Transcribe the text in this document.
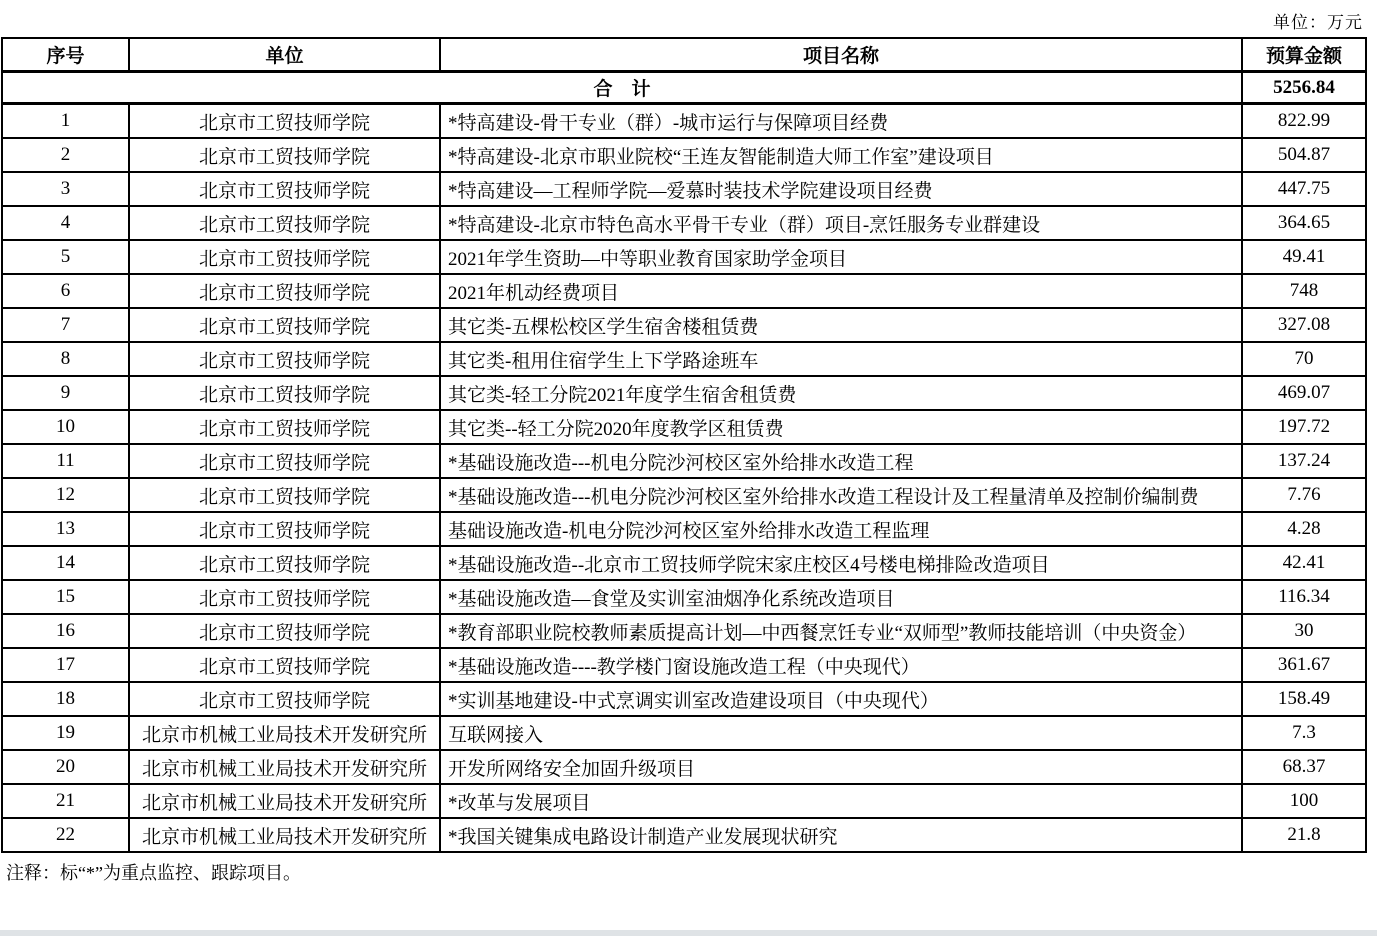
单位：万元
序号	单位	项目名称	预算金额
合　计			5256.84
1	北京市工贸技师学院	*特高建设-骨干专业（群）-城市运行与保障项目经费	822.99
2	北京市工贸技师学院	*特高建设-北京市职业院校“王连友智能制造大师工作室”建设项目	504.87
3	北京市工贸技师学院	*特高建设—工程师学院—爱慕时装技术学院建设项目经费	447.75
4	北京市工贸技师学院	*特高建设-北京市特色高水平骨干专业（群）项目-烹饪服务专业群建设	364.65
5	北京市工贸技师学院	2021年学生资助—中等职业教育国家助学金项目	49.41
6	北京市工贸技师学院	2021年机动经费项目	748
7	北京市工贸技师学院	其它类-五棵松校区学生宿舍楼租赁费	327.08
8	北京市工贸技师学院	其它类-租用住宿学生上下学路途班车	70
9	北京市工贸技师学院	其它类-轻工分院2021年度学生宿舍租赁费	469.07
10	北京市工贸技师学院	其它类--轻工分院2020年度教学区租赁费	197.72
11	北京市工贸技师学院	*基础设施改造---机电分院沙河校区室外给排水改造工程	137.24
12	北京市工贸技师学院	*基础设施改造---机电分院沙河校区室外给排水改造工程设计及工程量清单及控制价编制费	7.76
13	北京市工贸技师学院	基础设施改造-机电分院沙河校区室外给排水改造工程监理	4.28
14	北京市工贸技师学院	*基础设施改造--北京市工贸技师学院宋家庄校区4号楼电梯排险改造项目	42.41
15	北京市工贸技师学院	*基础设施改造—食堂及实训室油烟净化系统改造项目	116.34
16	北京市工贸技师学院	*教育部职业院校教师素质提高计划—中西餐烹饪专业“双师型”教师技能培训（中央资金）	30
17	北京市工贸技师学院	*基础设施改造----教学楼门窗设施改造工程（中央现代）	361.67
18	北京市工贸技师学院	*实训基地建设-中式烹调实训室改造建设项目（中央现代）	158.49
19	北京市机械工业局技术开发研究所	互联网接入	7.3
20	北京市机械工业局技术开发研究所	开发所网络安全加固升级项目	68.37
21	北京市机械工业局技术开发研究所	*改革与发展项目	100
22	北京市机械工业局技术开发研究所	*我国关键集成电路设计制造产业发展现状研究	21.8
注释：标“*”为重点监控、跟踪项目。
